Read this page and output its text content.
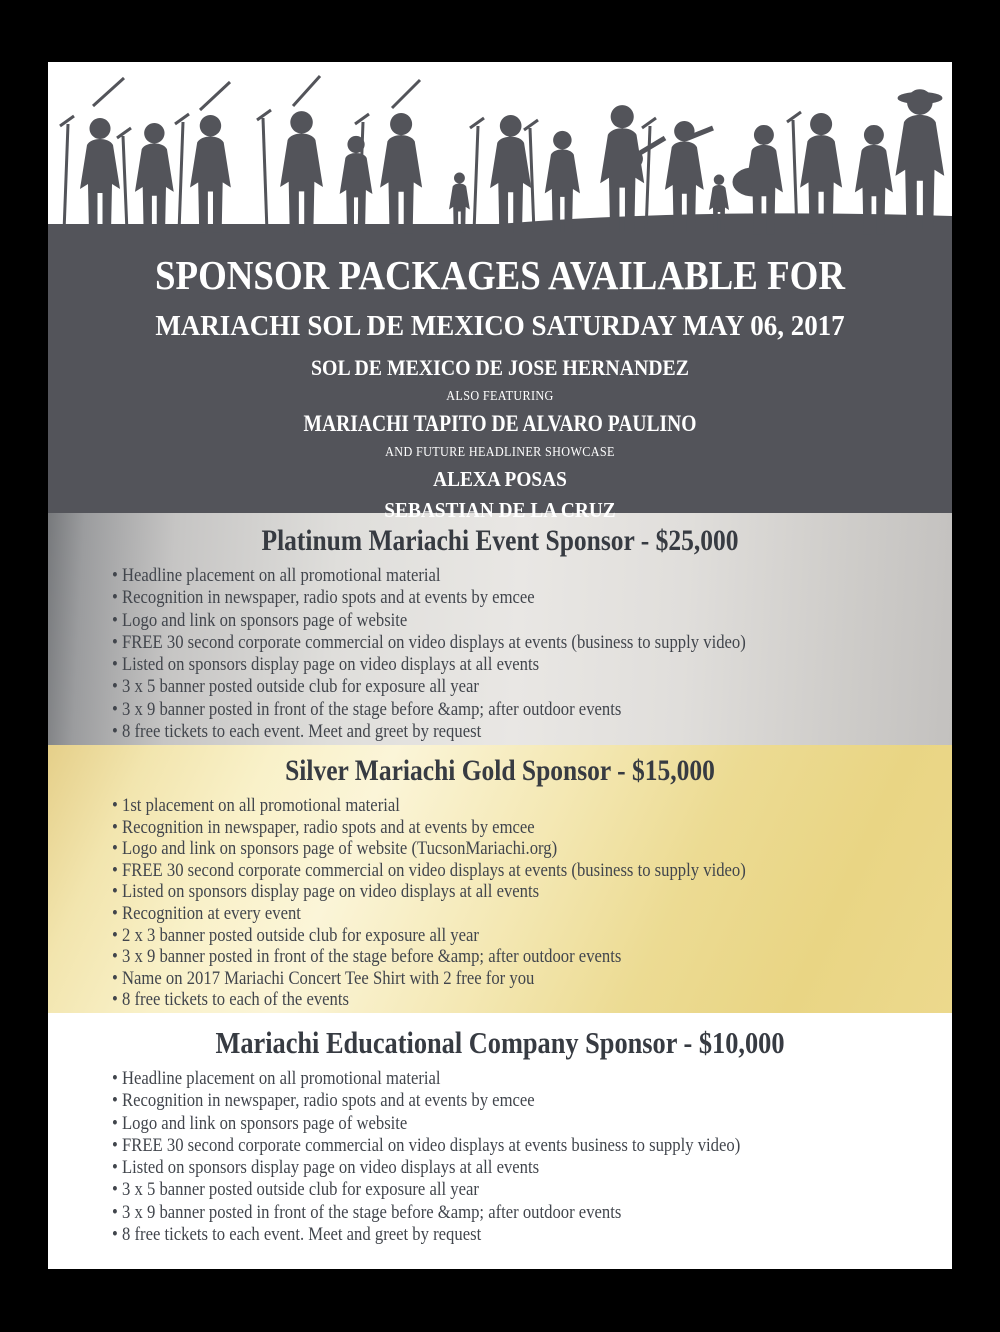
SPONSOR PACKAGES AVAILABLE FOR
MARIACHI SOL DE MEXICO SATURDAY MAY 06, 2017
SOL DE MEXICO DE JOSE HERNANDEZ
ALSO FEATURING
MARIACHI TAPITO DE ALVARO PAULINO
AND FUTURE HEADLINER SHOWCASE
ALEXA POSAS
SEBASTIAN DE LA CRUZ
Platinum Mariachi Event Sponsor - $25,000
• Headline placement on all promotional material
• Recognition in newspaper, radio spots and at events by emcee
• Logo and link on sponsors page of website
• FREE 30 second corporate commercial on video displays at events (business to supply video)
• Listed on sponsors display page on video displays at all events
• 3 x 5 banner posted outside club for exposure all year
• 3 x 9 banner posted in front of the stage before &amp; after outdoor events
• 8 free tickets to each event. Meet and greet by request
Silver Mariachi Gold Sponsor - $15,000
• 1st placement on all promotional material
• Recognition in newspaper, radio spots and at events by emcee
• Logo and link on sponsors page of website (TucsonMariachi.org)
• FREE 30 second corporate commercial on video displays at events (business to supply video)
• Listed on sponsors display page on video displays at all events
• Recognition at every event
• 2 x 3 banner posted outside club for exposure all year
• 3 x 9 banner posted in front of the stage before &amp; after outdoor events
• Name on 2017 Mariachi Concert Tee Shirt with 2 free for you
• 8 free tickets to each of the events
Mariachi Educational Company Sponsor - $10,000
• Headline placement on all promotional material
• Recognition in newspaper, radio spots and at events by emcee
• Logo and link on sponsors page of website
• FREE 30 second corporate commercial on video displays at events business to supply video)
• Listed on sponsors display page on video displays at all events
• 3 x 5 banner posted outside club for exposure all year
• 3 x 9 banner posted in front of the stage before &amp; after outdoor events
• 8 free tickets to each event. Meet and greet by request
